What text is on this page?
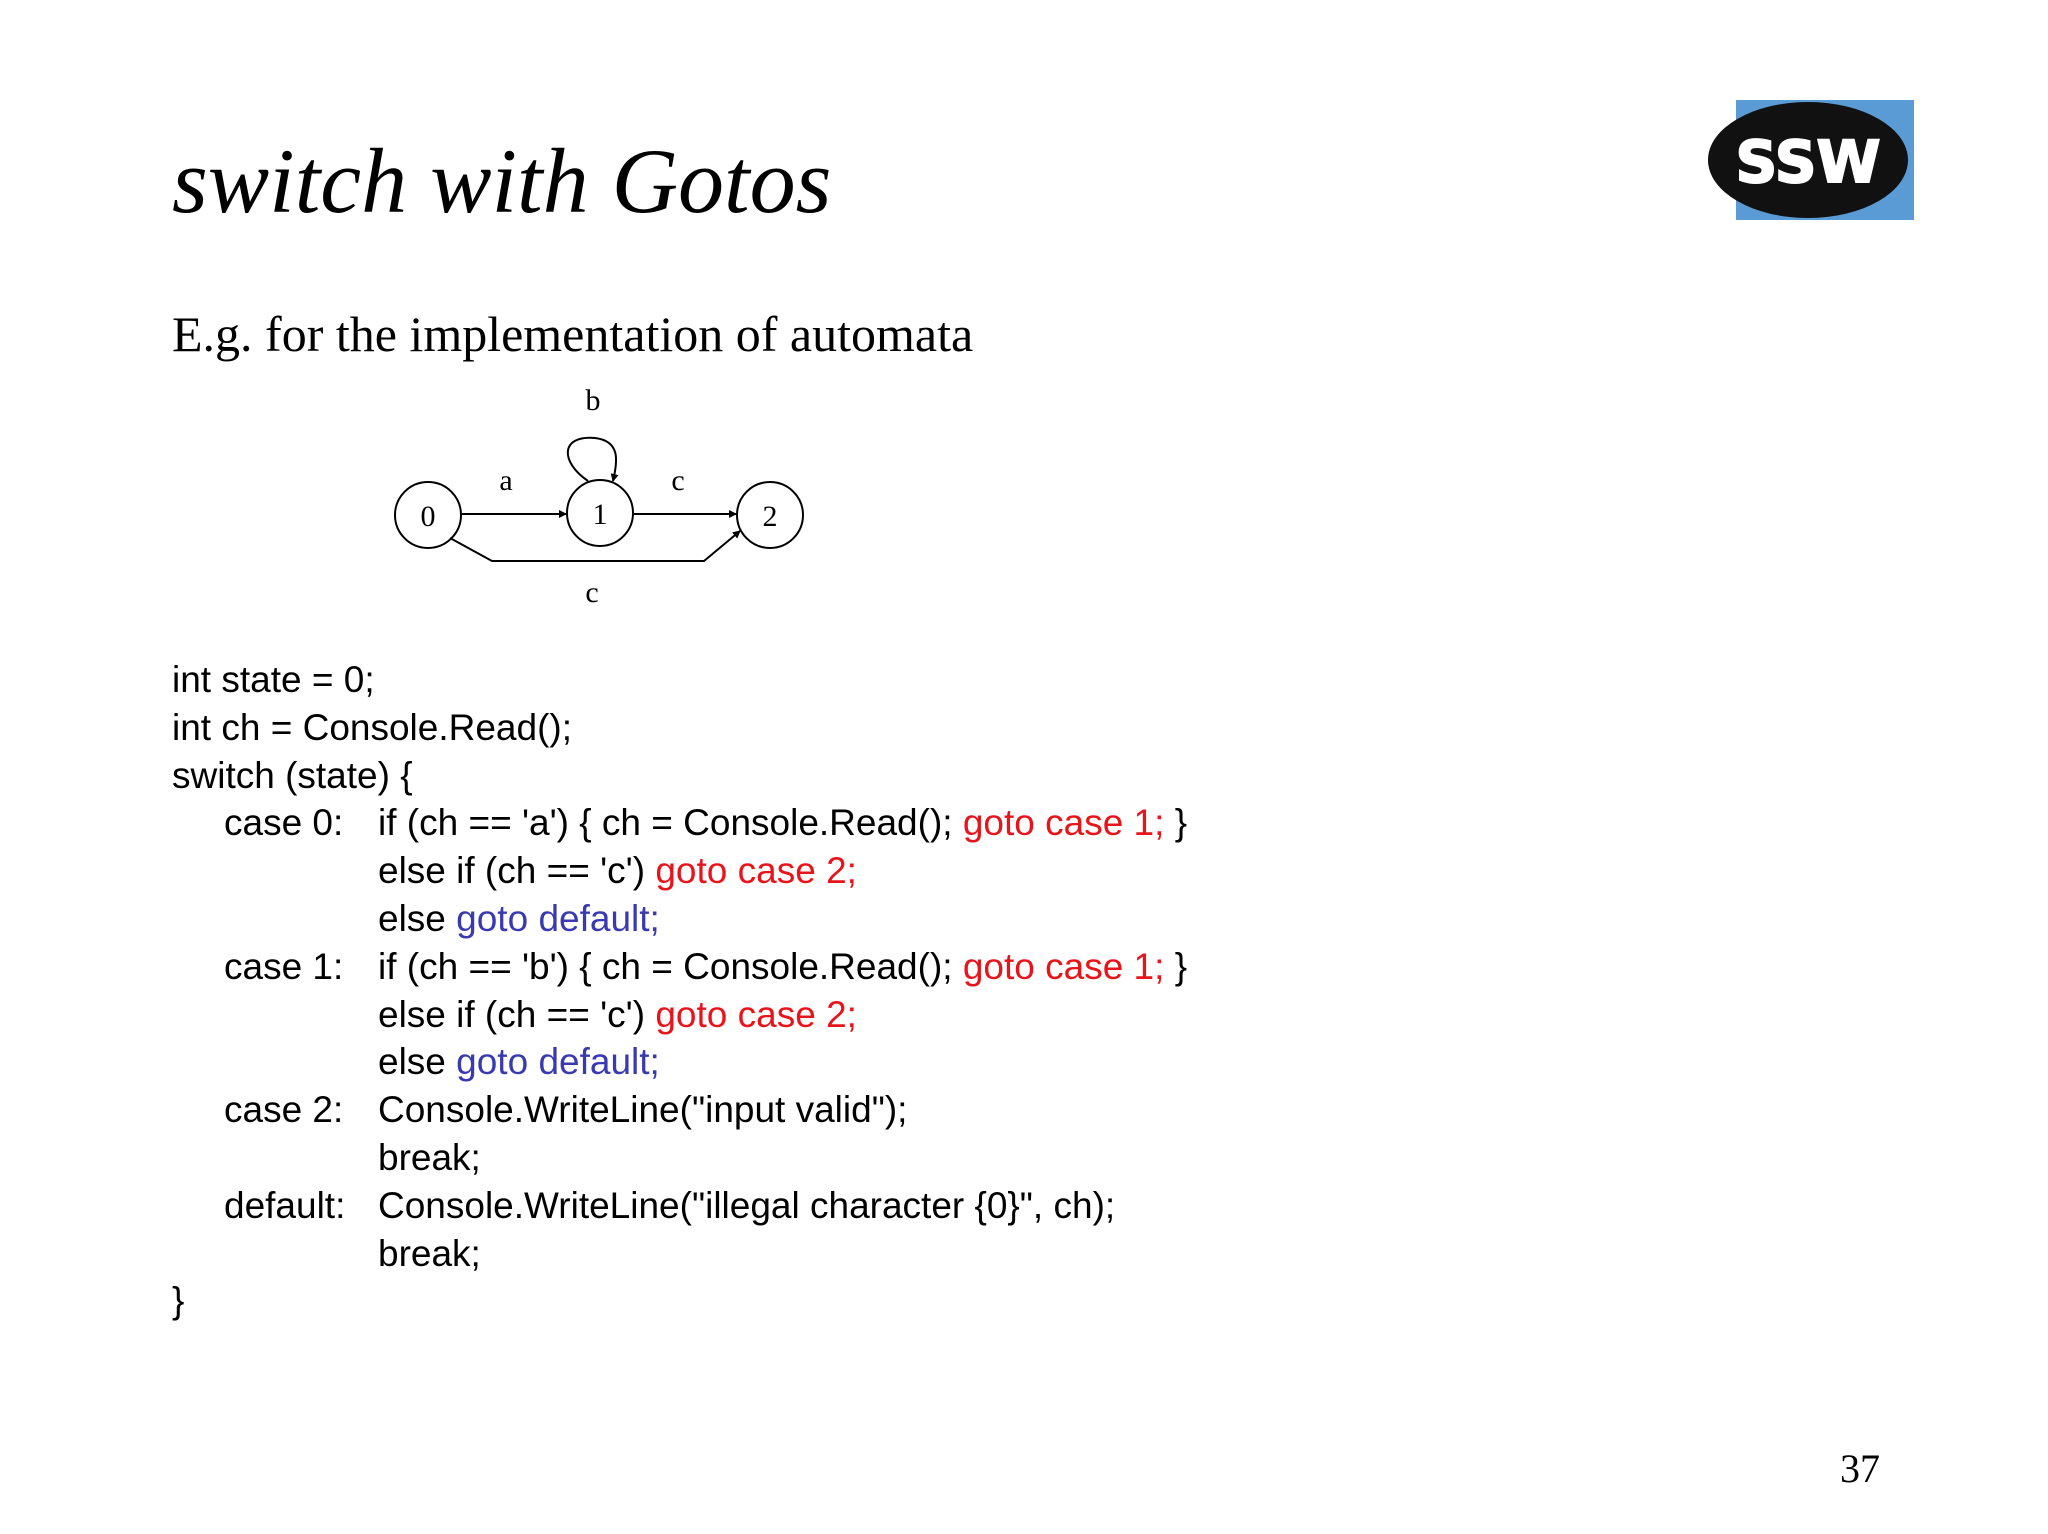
switch with Gotos	SSW
E.g. for the implementation of automata
0	1	2
a
b
c
c
int state = 0;
int ch = Console.Read();
switch (state) {

case 0:

if (ch == 'a') { ch = Console.Read(); goto case 1; }

else if (ch == 'c') goto case 2;

else goto default;

case 1:

if (ch == 'b') { ch = Console.Read(); goto case 1; }

else if (ch == 'c') goto case 2;

else goto default;

case 2:

Console.WriteLine("input valid");

break;

default:

Console.WriteLine("illegal character {0}", ch);

break;

}
37
